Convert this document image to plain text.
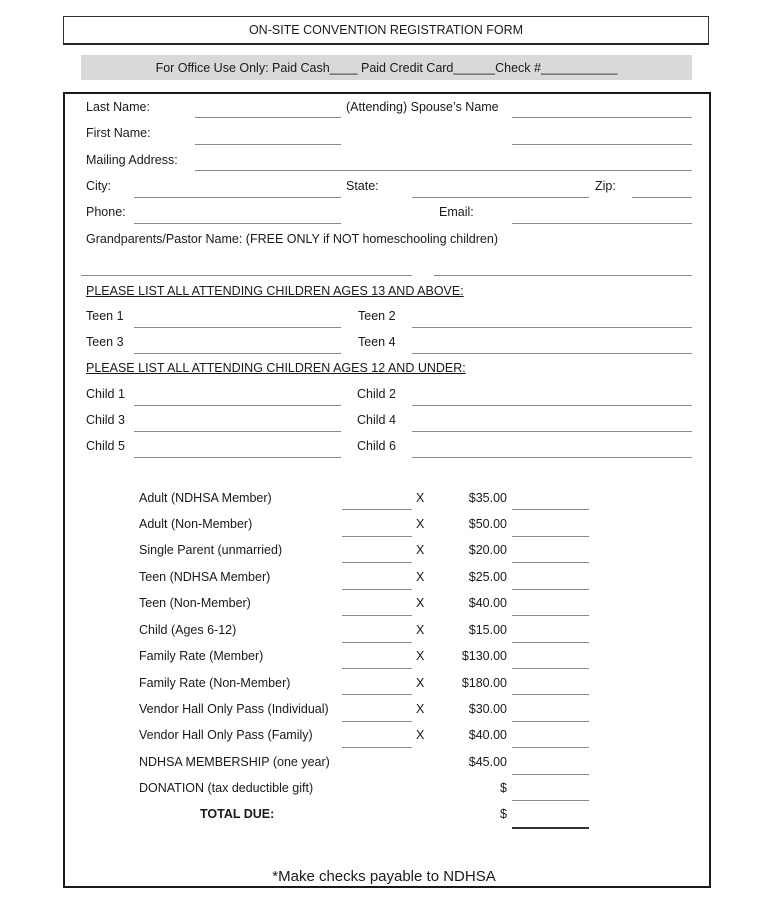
ON-SITE CONVENTION REGISTRATION FORM
For Office Use Only: Paid Cash____ Paid Credit Card______Check #___________
Last Name:	(Attending) Spouse’s Name
First Name:
Mailing Address:
City:	State:	Zip:
Phone:	Email:
Grandparents/Pastor Name: (FREE ONLY if NOT homeschooling children)
PLEASE LIST ALL ATTENDING CHILDREN AGES 13 AND ABOVE:
Teen 1	Teen 2
Teen 3	Teen 4
PLEASE LIST ALL ATTENDING CHILDREN AGES 12 AND UNDER:
Child 1	Child 2
Child 3	Child 4
Child 5	Child 6
Adult (NDHSA Member)	X	$35.00
Adult (Non-Member)	X	$50.00
Single Parent (unmarried)	X	$20.00
Teen (NDHSA Member)	X	$25.00
Teen (Non-Member)	X	$40.00
Child (Ages 6-12)	X	$15.00
Family Rate (Member)	X	$130.00
Family Rate (Non-Member)	X	$180.00
Vendor Hall Only Pass (Individual)	X	$30.00
Vendor Hall Only Pass (Family)	X	$40.00
NDHSA MEMBERSHIP (one year)	$45.00
DONATION (tax deductible gift)	$
TOTAL DUE:	$
*Make checks payable to NDHSA
